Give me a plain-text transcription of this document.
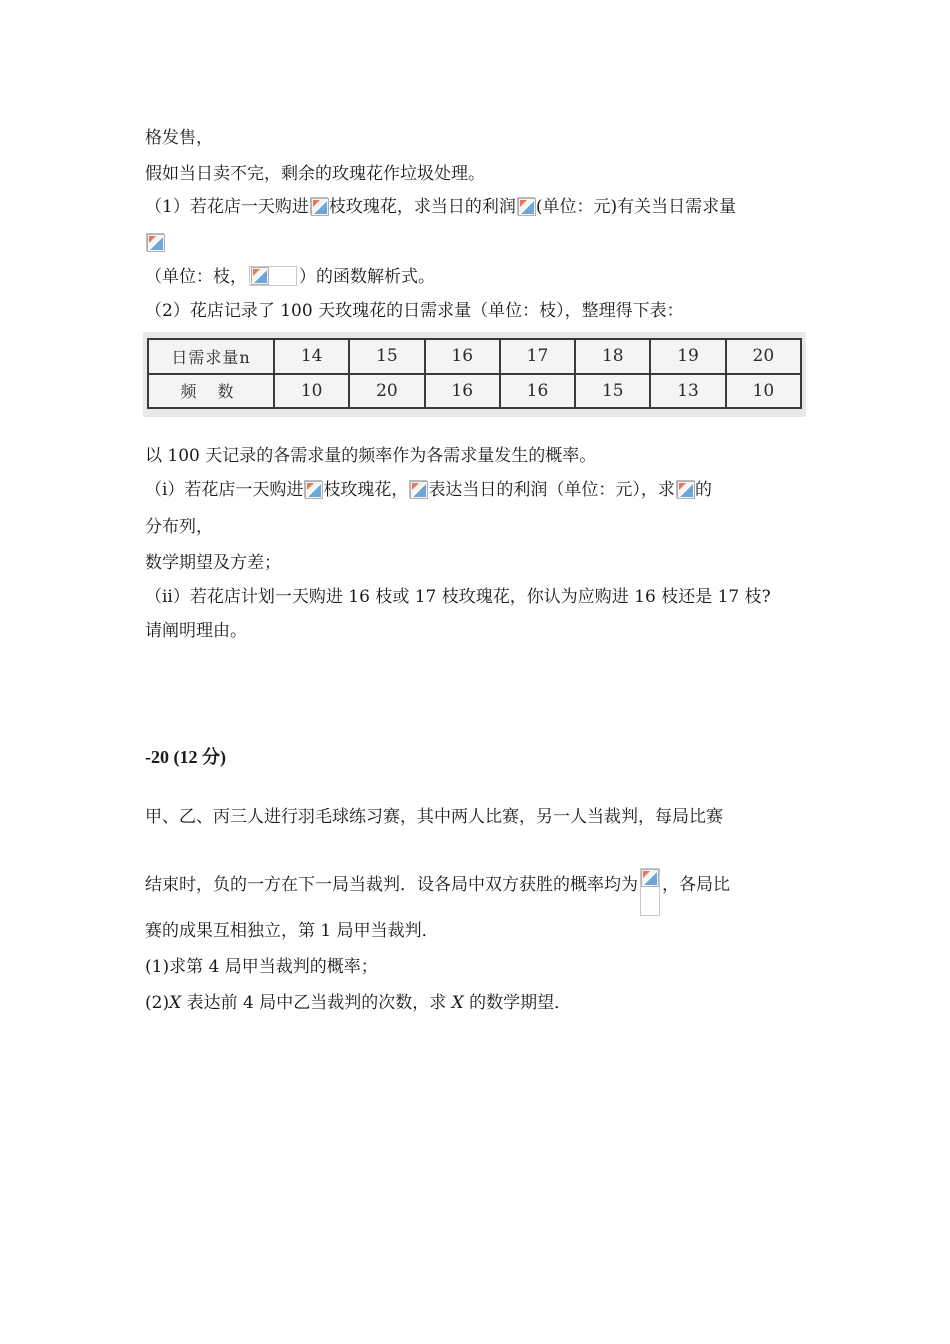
格发售，
假如当日卖不完，剩余的玫瑰花作垃圾处理。
（1）若花店一天购进 枝玫瑰花，求当日的利润 (单位：元)有关当日需求量
（单位：枝，	）的函数解析式。
（2）花店记录了 100 天玫瑰花的日需求量（单位：枝），整理得下表：
日需求量n	14	15	16	17	18	19	20
频 数	10	20	16	16	15	13	10
以 100 天记录的各需求量的频率作为各需求量发生的概率。
（i）若花店一天购进 枝玫瑰花， 表达当日的利润（单位：元），求 的
分布列，
数学期望及方差；
（ii）若花店计划一天购进 16 枝或 17 枝玫瑰花，你认为应购进 16 枝还是 17 枝?
请阐明理由。
-20 (12 分)
甲、乙、丙三人进行羽毛球练习赛，其中两人比赛，另一人当裁判，每局比赛
结束时，负的一方在下一局当裁判．设各局中双方获胜的概率均为 ，各局比
赛的成果互相独立，第 1 局甲当裁判．
(1)求第 4 局甲当裁判的概率；
(2)X 表达前 4 局中乙当裁判的次数，求 X 的数学期望．
